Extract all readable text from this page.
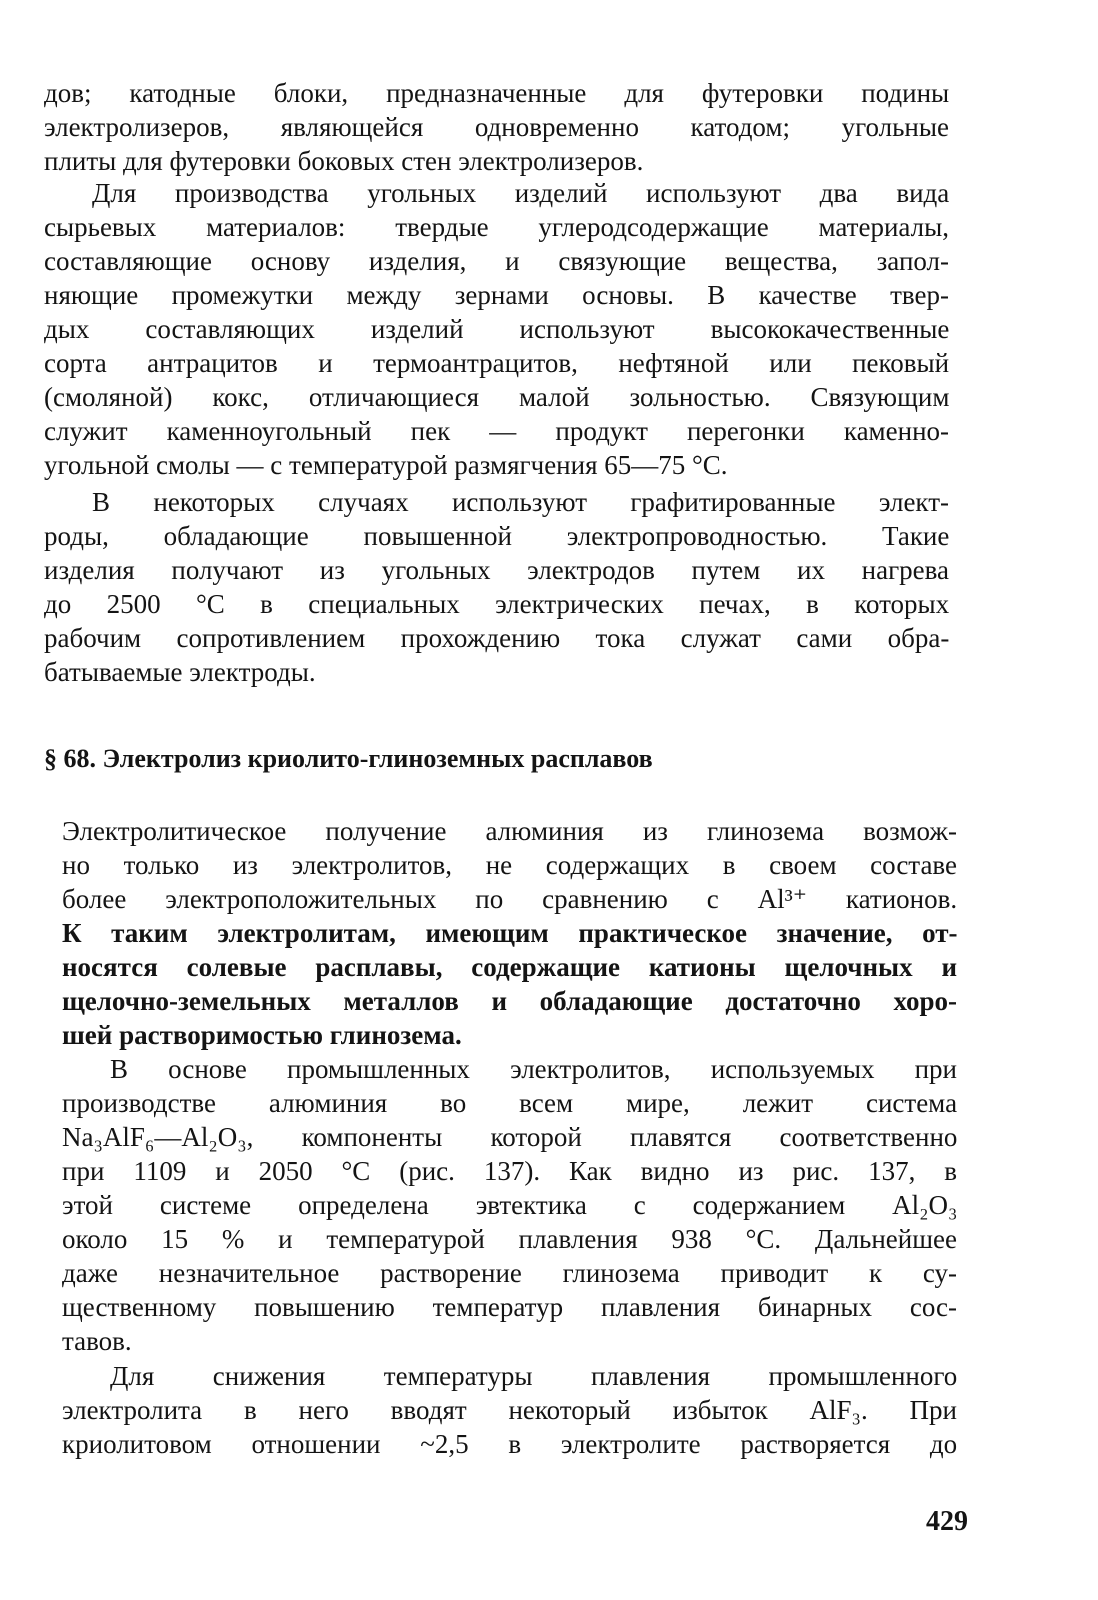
дов; катодные блоки, предназначенные для футеровки подины
электролизеров, являющейся одновременно катодом; угольные
плиты для футеровки боковых стен электролизеров.
Для производства угольных изделий используют два вида
сырьевых материалов: твердые углеродсодержащие материалы,
составляющие основу изделия, и связующие вещества, запол-
няющие промежутки между зернами основы. В качестве твер-
дых составляющих изделий используют высококачественные
сорта антрацитов и термоантрацитов, нефтяной или пековый
(смоляной) кокс, отличающиеся малой зольностью. Связующим
служит каменноугольный пек — продукт перегонки каменно-
угольной смолы — с температурой размягчения 65—75 °С.
В некоторых случаях используют графитированные элект-
роды, обладающие повышенной электропроводностью. Такие
изделия получают из угольных электродов путем их нагрева
до 2500 °С в специальных электрических печах, в которых
рабочим сопротивлением прохождению тока служат сами обра-
батываемые электроды.
§ 68. Электролиз криолито-глиноземных расплавов
Электролитическое получение алюминия из глинозема возмож-
но только из электролитов, не содержащих в своем составе
более электроположительных по сравнению с Al³⁺ катионов.
К таким электролитам, имеющим практическое значение, от-
носятся солевые расплавы, содержащие катионы щелочных и
щелочно-земельных металлов и обладающие достаточно хоро-
шей растворимостью глинозема.
В основе промышленных электролитов, используемых при
производстве алюминия во всем мире, лежит система
Na₃AlF₆—Al₂O₃, компоненты которой плавятся соответственно
при 1109 и 2050 °С (рис. 137). Как видно из рис. 137, в
этой системе определена эвтектика с содержанием Al₂O₃
около 15 % и температурой плавления 938 °С. Дальнейшее
даже незначительное растворение глинозема приводит к су-
щественному повышению температур плавления бинарных сос-
тавов.
Для снижения температуры плавления промышленного
электролита в него вводят некоторый избыток AlF₃. При
криолитовом отношении ~2,5 в электролите растворяется до
429
